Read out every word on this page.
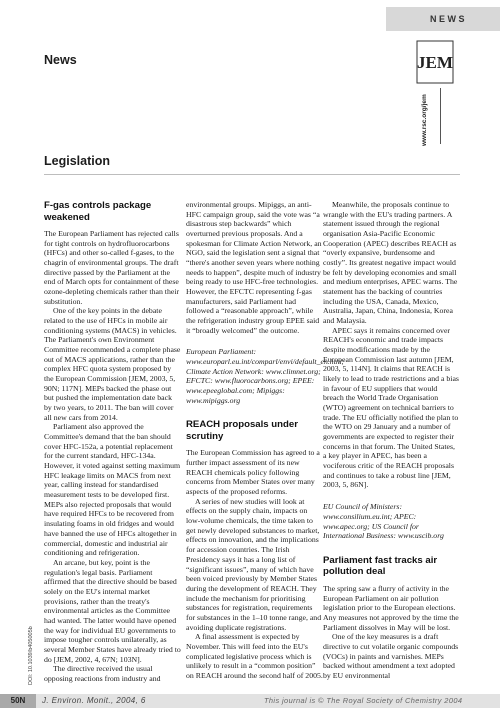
NEWS
News	JEM
www.rsc.org/jem
Legislation
F-gas controls package weakened

The European Parliament has rejected calls for tight controls on hydrofluorocarbons (HFCs) and other so-called f-gases, to the chagrin of environmental groups. The draft directive passed by the Parliament at the end of March opts for containment of these ozone-depleting chemicals rather than their substitution.

One of the key points in the debate related to the use of HFCs in mobile air conditioning systems (MACS) in vehicles. The Parliament's own Environment Committee recommended a complete phase out of MACS applications, rather than the complex HFC quota system proposed by the European Commission [JEM, 2003, 5, 90N; 117N]. MEPs backed the phase out but pushed the implementation date back by two years, to 2011. The ban will cover all new cars from 2014.

Parliament also approved the Committee's demand that the ban should cover HFC-152a, a potential replacement for the current standard, HFC-134a. However, it voted against setting maximum HFC leakage limits on MACS from next year, calling instead for standardised measurement tests to be developed first. MEPs also rejected proposals that would have required HFCs to be recovered from insulating foams in old fridges and would have banned the use of HFCs altogether in commercial, domestic and industrial air conditioning and refrigeration.

An arcane, but key, point is the regulation's legal basis. Parliament affirmed that the directive should be based solely on the EU's internal market provisions, rather than the treaty's environmental articles as the Committee had wanted. The latter would have opened the way for individual EU governments to impose tougher controls unilaterally, as several Member States have already tried to do [JEM, 2002, 4, 67N; 103N].

The directive received the usual opposing reactions from industry and

environmental groups. Mipiggs, an anti-HFC campaign group, said the vote was “a disastrous step backwards” which overturned previous proposals. And a spokesman for Climate Action Network, an NGO, said the legislation sent a signal that “there's another seven years where nothing needs to happen”, despite much of industry being ready to use HFC-free technologies. However, the EFCTC representing f-gas manufacturers, said Parliament had followed a “reasonable approach”, while the refrigeration industry group EPEE said it “broadly welcomed” the outcome.

European Parliament: www.europarl.eu.int/comparl/envi/default_en.htm; Climate Action Network: www.climnet.org; EFCTC: www.fluorocarbons.org; EPEE: www.epeeglobal.com; Mipiggs: www.mipiggs.org

REACH proposals under scrutiny

The European Commission has agreed to a further impact assessment of its new REACH chemicals policy following concerns from Member States over many aspects of the proposed reforms.

A series of new studies will look at effects on the supply chain, impacts on low-volume chemicals, the time taken to get newly developed substances to market, effects on innovation, and the implications for accession countries. The Irish Presidency says it has a long list of “significant issues”, many of which have been voiced previously by Member States during the development of REACH. They include the mechanism for prioritising substances for registration, requirements for substances in the 1–10 tonne range, and avoiding duplicate registrations.

A final assessment is expected by November. This will feed into the EU's complicated legislative process which is unlikely to result in a “common position” on REACH around the second half of 2005.

Meanwhile, the proposals continue to wrangle with the EU's trading partners. A statement issued through the regional organisation Asia-Pacific Economic Cooperation (APEC) describes REACH as “overly expansive, burdensome and costly”. Its greatest negative impact would be felt by developing economies and small and medium enterprises, APEC warns. The statement has the backing of countries including the USA, Canada, Mexico, Australia, Japan, China, Indonesia, Korea and Malaysia.

APEC says it remains concerned over REACH's economic and trade impacts despite modifications made by the European Commission last autumn [JEM, 2003, 5, 114N]. It claims that REACH is likely to lead to trade restrictions and a bias in favour of EU suppliers that would breach the World Trade Organisation (WTO) agreement on technical barriers to trade. The EU officially notified the plan to the WTO on 29 January and a number of governments are expected to register their concerns in that forum. The United States, a key player in APEC, has been a vociferous critic of the REACH proposals and continues to take a robust line [JEM, 2003, 5, 86N].

EU Council of Ministers: www.consilium.eu.int; APEC: www.apec.org; US Council for International Business: www.uscib.org

Parliament fast tracks air pollution deal

The spring saw a flurry of activity in the European Parliament on air pollution legislation prior to the European elections. Any measures not approved by the time the Parliament dissolves in May will be lost.

One of the key measures is a draft directive to cut volatile organic compounds (VOCs) in paints and varnishes. MEPs backed without amendment a text adopted by EU environmental

DOI: 10.1039/b405005b
50N	J. Environ. Monit., 2004, 6	This journal is © The Royal Society of Chemistry 2004
